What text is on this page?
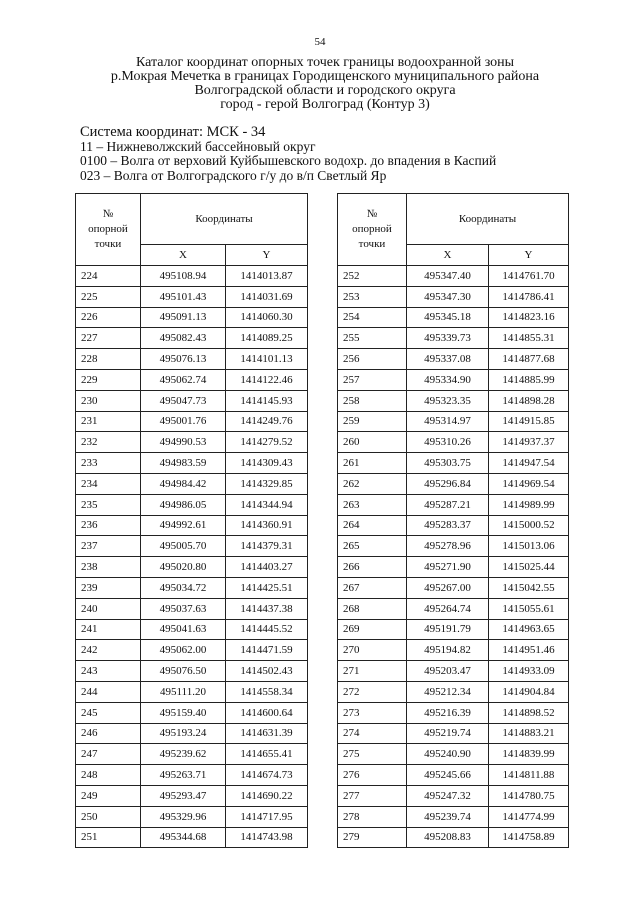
54
Каталог координат опорных точек границы водоохранной зоны
р.Мокрая Мечетка в границах Городищенского муниципального района
Волгоградской области и городского округа
город - герой Волгоград (Контур 3)
Система координат: МСК - 34
11 – Нижневолжский бассейновый округ
0100 – Волга от верховий Куйбышевского водохр. до впадения в Каспий
023 – Волга от Волгоградского г/у до в/п Светлый Яр
№
опорной
точки	Координаты	
	X	Y
224	495108.94	1414013.87
225	495101.43	1414031.69
226	495091.13	1414060.30
227	495082.43	1414089.25
228	495076.13	1414101.13
229	495062.74	1414122.46
230	495047.73	1414145.93
231	495001.76	1414249.76
232	494990.53	1414279.52
233	494983.59	1414309.43
234	494984.42	1414329.85
235	494986.05	1414344.94
236	494992.61	1414360.91
237	495005.70	1414379.31
238	495020.80	1414403.27
239	495034.72	1414425.51
240	495037.63	1414437.38
241	495041.63	1414445.52
242	495062.00	1414471.59
243	495076.50	1414502.43
244	495111.20	1414558.34
245	495159.40	1414600.64
246	495193.24	1414631.39
247	495239.62	1414655.41
248	495263.71	1414674.73
249	495293.47	1414690.22
250	495329.96	1414717.95
251	495344.68	1414743.98
№
опорной
точки	Координаты	
	X	Y
252	495347.40	1414761.70
253	495347.30	1414786.41
254	495345.18	1414823.16
255	495339.73	1414855.31
256	495337.08	1414877.68
257	495334.90	1414885.99
258	495323.35	1414898.28
259	495314.97	1414915.85
260	495310.26	1414937.37
261	495303.75	1414947.54
262	495296.84	1414969.54
263	495287.21	1414989.99
264	495283.37	1415000.52
265	495278.96	1415013.06
266	495271.90	1415025.44
267	495267.00	1415042.55
268	495264.74	1415055.61
269	495191.79	1414963.65
270	495194.82	1414951.46
271	495203.47	1414933.09
272	495212.34	1414904.84
273	495216.39	1414898.52
274	495219.74	1414883.21
275	495240.90	1414839.99
276	495245.66	1414811.88
277	495247.32	1414780.75
278	495239.74	1414774.99
279	495208.83	1414758.89
